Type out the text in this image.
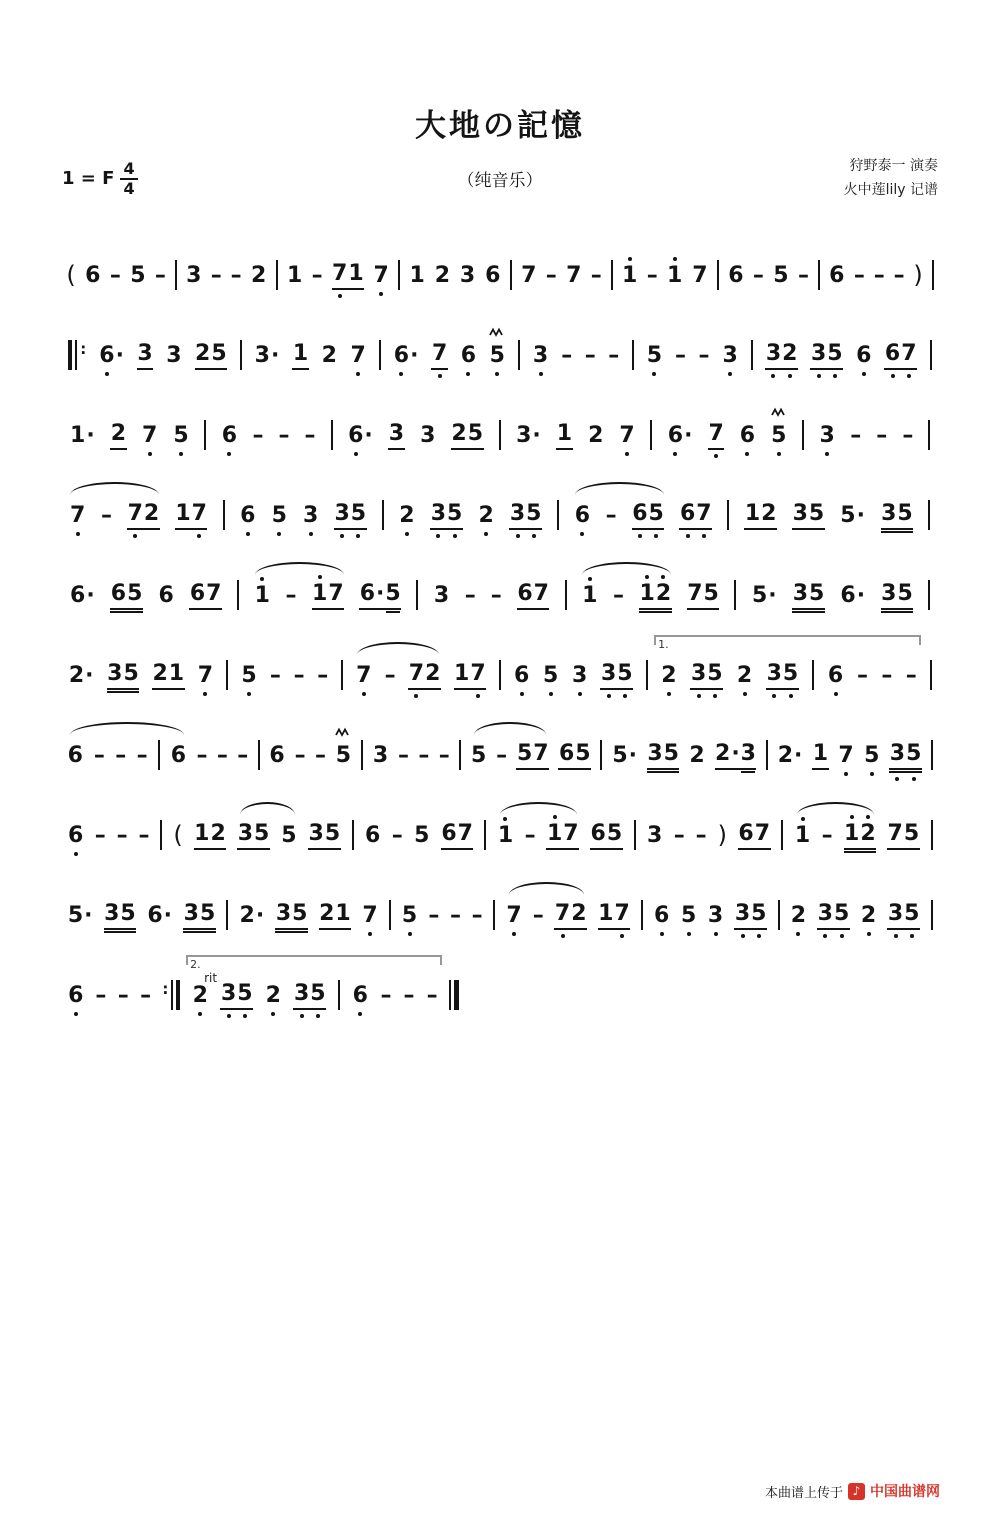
大地の記憶
1 = F $\frac{4}{4}$	（纯音乐）
狩野泰一 演奏
火中莲lily 记谱
( 6 – 5 – 3 – – 2 1 – 7
1 7 1 2 3 6 7 – 7 – 1 – 1 7 6 – 5 – 6 – – – )
: 6
· 3 3 25 3· 1 2 7 6
· 7 6 5 3 – – – 5 – – 3 3
2 3
5 6 6
7
1· 2 7 5 6 – – – 6
· 3 3 25 3· 1 2 7 6
· 7 6 5 3 – – –
7 – 7
2 17 6 5 3 3
5 2 3
5 2 3
5 6 – 6
5 6
7 12 35 5· 35
6· 65 6 67 1 – 1
7 6·5 3 – – 67 1 – 1
2 75 5· 35 6· 35
2· 35 21 7 5 – – – 7 – 7
2 17 6 5 3 3
5
1.
2 3
5 2 3
5 6 – – –
6 – – – 6 – – – 6 – – 5 3 – – – 5 – 57 65 5· 35 2 2·3 2· 1 7 5 3
5
6 – – – ( 12 35 5 35 6 – 5 67 1 – 1
7 65 3 – – ) 67 1 – 1
2 75
5· 35 6· 35 2· 35 21 7 5 – – – 7 – 7
2 17 6 5 3 3
5 2 3
5 2 3
5
6 – – – :
2.
rit
2 3
5 2 3
5 6 – – –
本曲谱上传于 ♪ 中国曲谱网
